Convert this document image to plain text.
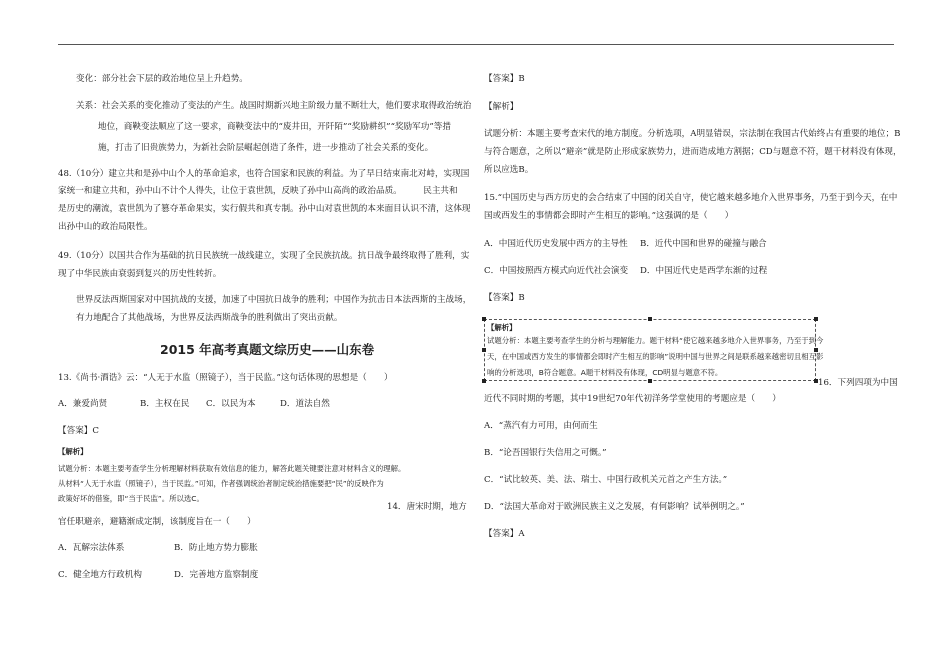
变化：部分社会下层的政治地位呈上升趋势。

关系：社会关系的变化推动了变法的产生。战国时期新兴地主阶级力量不断壮大，他们要求取得政治统治

地位，商鞅变法顺应了这一要求，商鞅变法中的“废井田，开阡陌”“奖励耕织”“奖励军功”等措

施，打击了旧贵族势力，为新社会阶层崛起创造了条件，进一步推动了社会关系的变化。

48.（10分）建立共和是孙中山个人的革命追求，也符合国家和民族的利益。为了早日结束南北对峙，实现国

家统一和建立共和，孙中山不计个人得失，让位于袁世凯，反映了孙中山高尚的政治品质。　　　民主共和

是历史的潮流，袁世凯为了篡夺革命果实，实行假共和真专制。孙中山对袁世凯的本来面目认识不清，这体现

出孙中山的政治局限性。

49.（10分）以国共合作为基础的抗日民族统一战线建立，实现了全民族抗战。抗日战争最终取得了胜利，实

现了中华民族由衰弱到复兴的历史性转折。

世界反法西斯国家对中国抗战的支援，加速了中国抗日战争的胜利；中国作为抗击日本法西斯的主战场，

有力地配合了其他战场，为世界反法西斯战争的胜利做出了突出贡献。

2015 年高考真题文综历史——山东卷

13.《尚书·酒诰》云：“人无于水监（照镜子），当于民监。”这句话体现的思想是（　　）

A．兼爱尚贤	B．主权在民 C．以民为本	D．道法自然

【答案】C

【解析】

试题分析：本题主要考查学生分析理解材料获取有效信息的能力，解答此题关键要注意对材料含义的理解。

从材料“人无于水监（照镜子），当于民监。”可知，作者强调统治者制定统治措施要把“民”的反映作为

政策好坏的借鉴，即“当于民监”。所以选C。

14．唐宋时期，地方

官任职避亲，避籍渐成定制，该制度旨在一（　　）

A．瓦解宗法体系	B．防止地方势力膨胀

C．健全地方行政机构	D．完善地方监察制度

【答案】B

【解析】

试题分析：本题主要考查宋代的地方制度。分析选项，A明显错误，宗法制在我国古代始终占有重要的地位；B

与符合题意，之所以“避亲”就是防止形成家族势力，进而造成地方割据；CD与题意不符，题干材料没有体现，

所以应选B。

15.“中国历史与西方历史的会合结束了中国的闭关自守，使它越来越多地介入世界事务，乃至于到今天，在中

国或西发生的事情都会即时产生相互的影响。”这强调的是（　　）

A．中国近代历史发展中西方的主导性 B．近代中国和世界的碰撞与融合

C．中国按照西方模式向近代社会演变 D．中国近代史是西学东渐的过程

【答案】B

【解析】

试题分析：本题主要考查学生的分析与理解能力。题干材料“使它越来越多地介入世界事务，乃至于到今

天，在中国或西方发生的事情都会即时产生相互的影响”说明中国与世界之间是联系越来越密切且相互影

响的分析选项，B符合题意。A题干材料没有体现，CD明显与题意不符。

16．下列四项为中国

近代不同时期的考题，其中19世纪70年代初洋务学堂使用的考题应是（　　）

A．“蒸汽有力可用，由何而生

B．“论吾国银行失信用之可慨。”

C．“试比较英、美、法、瑞士、中国行政机关元首之产生方法。”

D．“法国大革命对于欧洲民族主义之发展，有何影响？试举例明之。”

【答案】A
